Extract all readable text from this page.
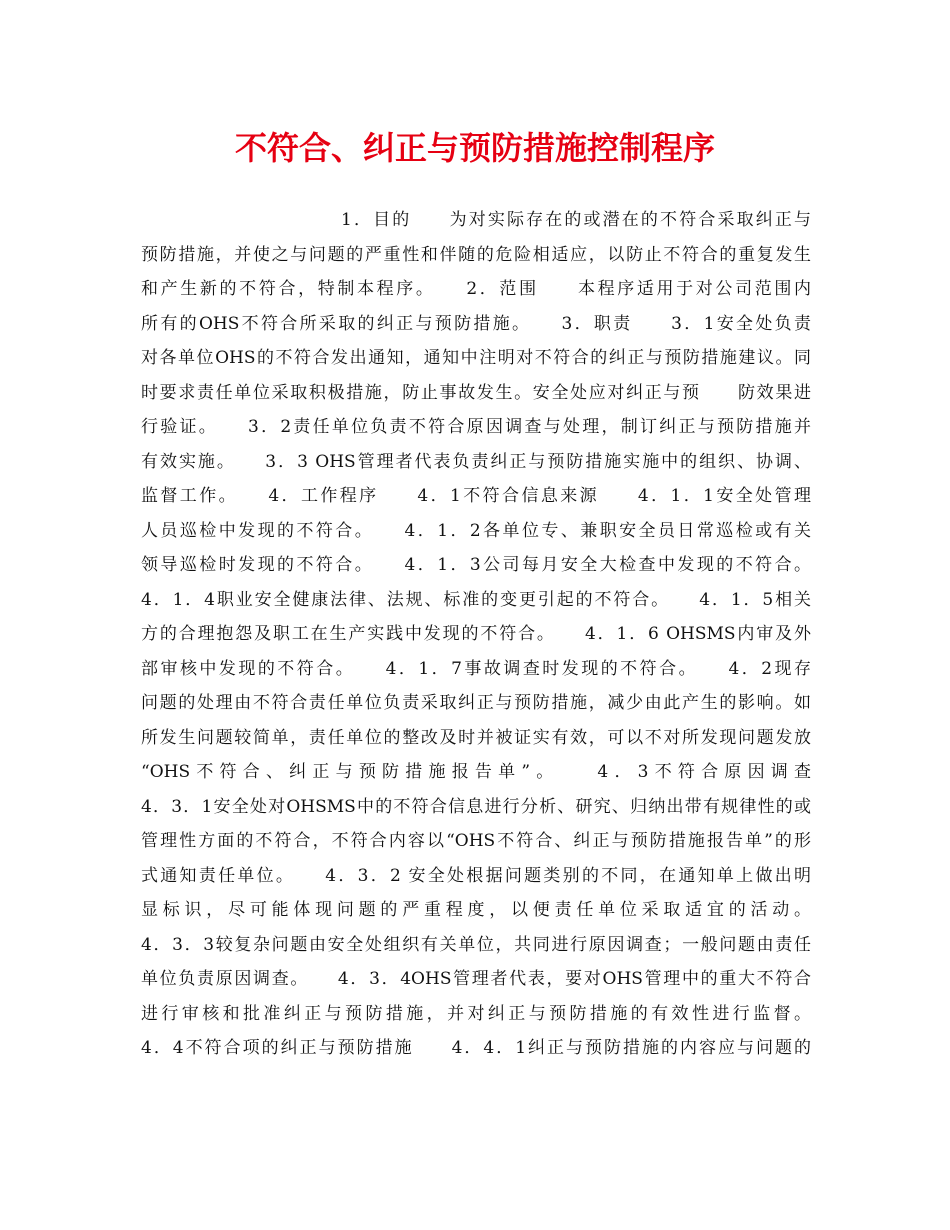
不符合、纠正与预防措施控制程序
1．目的　　为对实际存在的或潜在的不符合采取纠正与
预防措施，并使之与问题的严重性和伴随的危险相适应，以防止不符合的重复发生
和产生新的不符合，特制本程序。　　2．范围　　本程序适用于对公司范围内
所有的OHS不符合所采取的纠正与预防措施。　　3．职责　　3．1安全处负责
对各单位OHS的不符合发出通知，通知中注明对不符合的纠正与预防措施建议。同
时要求责任单位采取积极措施，防止事故发生。安全处应对纠正与预　　防效果进
行验证。　　3．2责任单位负责不符合原因调查与处理，制订纠正与预防措施并
有效实施。　　3．3 OHS管理者代表负责纠正与预防措施实施中的组织、协调、
监督工作。　　4．工作程序　　4．1不符合信息来源　　4．1．1安全处管理
人员巡检中发现的不符合。　　4．1．2各单位专、兼职安全员日常巡检或有关
领导巡检时发现的不符合。　　4．1．3公司每月安全大检查中发现的不符合。
4．1．4职业安全健康法律、法规、标准的变更引起的不符合。　　4．1．5相关
方的合理抱怨及职工在生产实践中发现的不符合。　　4．1．6 OHSMS内审及外
部审核中发现的不符合。　　4．1．7事故调查时发现的不符合。　　4．2现存
问题的处理由不符合责任单位负责采取纠正与预防措施，减少由此产生的影响。如
所发生问题较简单，责任单位的整改及时并被证实有效，可以不对所发现问题发放
“OHS不符合、纠正与预防措施报告单”。　　4．3不符合原因调查
4．3．1安全处对OHSMS中的不符合信息进行分析、研究、归纳出带有规律性的或
管理性方面的不符合，不符合内容以“OHS不符合、纠正与预防措施报告单”的形
式通知责任单位。　　4．3．2 安全处根据问题类别的不同，在通知单上做出明
显标识，尽可能体现问题的严重程度，以便责任单位采取适宜的活动。
4．3．3较复杂问题由安全处组织有关单位，共同进行原因调查；一般问题由责任
单位负责原因调查。　　4．3．4OHS管理者代表，要对OHS管理中的重大不符合
进行审核和批准纠正与预防措施，并对纠正与预防措施的有效性进行监督。
4．4不符合项的纠正与预防措施　　4．4．1纠正与预防措施的内容应与问题的
